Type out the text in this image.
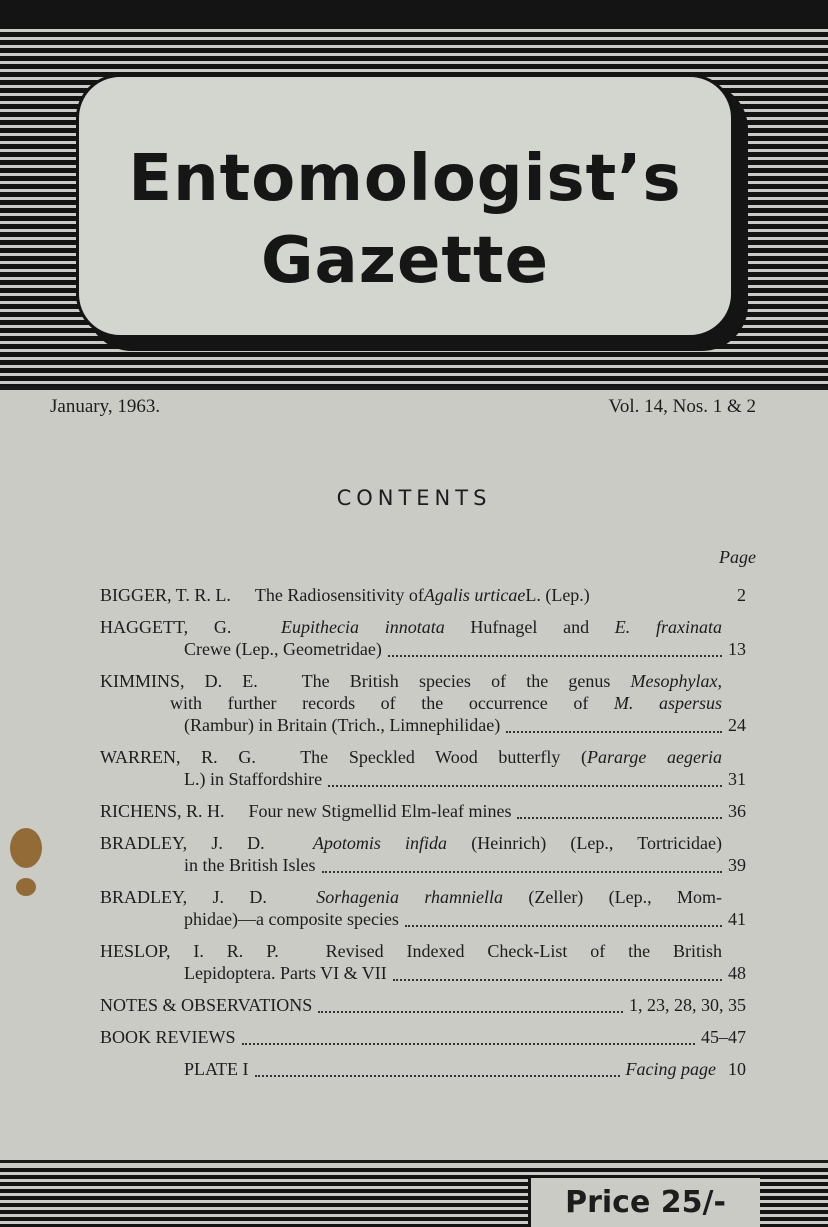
Entomologist’s
Gazette
January, 1963.	Vol. 14, Nos. 1 & 2
CONTENTS
Page
BIGGER, T. R. L. The Radiosensitivity of Agalis urticae L. (Lep.)	2
HAGGETT, G.	Eupithecia innotata Hufnagel and E. fraxinata
Crewe (Lep., Geometridae)	13
KIMMINS, D. E. The British species of the genus Mesophylax,
with further records of the occurrence of M. aspersus
(Rambur) in Britain (Trich., Limnephilidae)	24
WARREN, R. G. The Speckled Wood butterfly (Pararge aegeria
L.) in Staffordshire	31
RICHENS, R. H. Four new Stigmellid Elm-leaf mines	36
BRADLEY, J. D.	Apotomis infida (Heinrich) (Lep., Tortricidae)
in the British Isles	39
BRADLEY, J. D.	Sorhagenia rhamniella (Zeller) (Lep., Mom-
phidae)—a composite species	41
HESLOP, I. R. P.	Revised Indexed Check-List of the British
Lepidoptera. Parts VI & VII	48
NOTES & OBSERVATIONS	1, 23, 28, 30, 35
BOOK REVIEWS	45–47
PLATE I	Facing page 10
Price 25/-
